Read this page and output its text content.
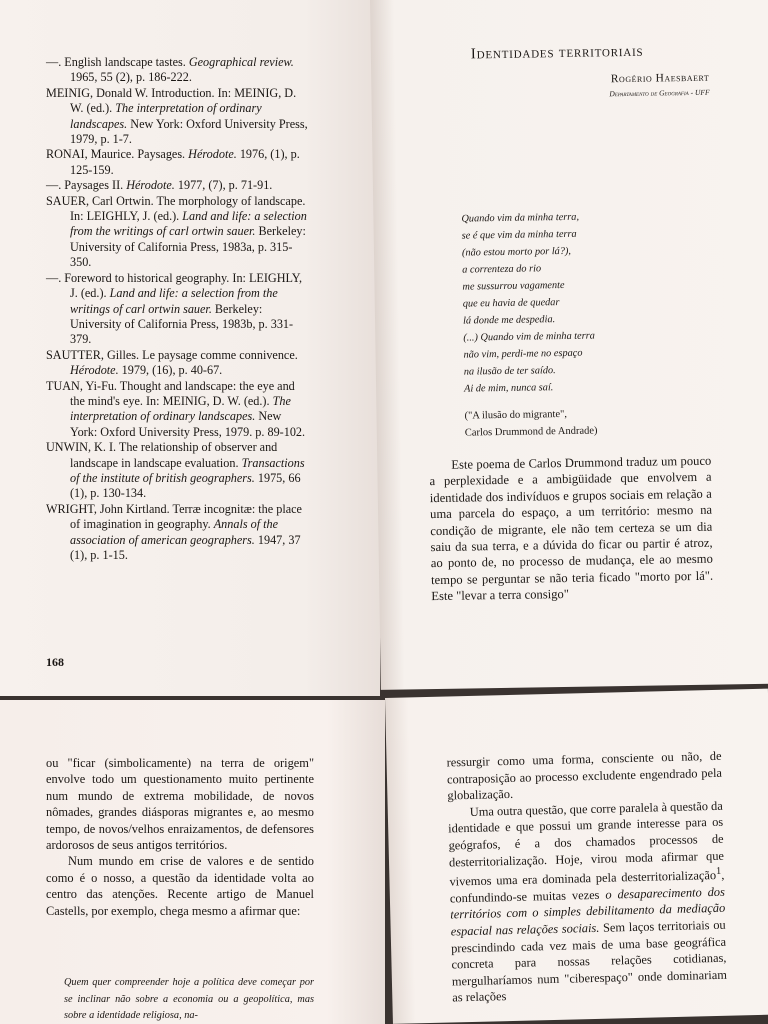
—. English landscape tastes. Geographical review. 1965, 55 (2), p. 186-222.

MEINIG, Donald W. Introduction. In: MEINIG, D. W. (ed.). The interpretation of ordinary landscapes. New York: Oxford University Press, 1979, p. 1-7.

RONAI, Maurice. Paysages. Hérodote. 1976, (1), p. 125-159.

—. Paysages II. Hérodote. 1977, (7), p. 71-91.

SAUER, Carl Ortwin. The morphology of landscape. In: LEIGHLY, J. (ed.). Land and life: a selection from the writings of carl ortwin sauer. Berkeley: University of California Press, 1983a, p. 315-350.

—. Foreword to historical geography. In: LEIGHLY, J. (ed.). Land and life: a selection from the writings of carl ortwin sauer. Berkeley: University of California Press, 1983b, p. 331-379.

SAUTTER, Gilles. Le paysage comme connivence. Hérodote. 1979, (16), p. 40-67.

TUAN, Yi-Fu. Thought and landscape: the eye and the mind's eye. In: MEINIG, D. W. (ed.). The interpretation of ordinary landscapes. New York: Oxford University Press, 1979. p. 89-102.

UNWIN, K. I. The relationship of observer and landscape in landscape evaluation. Transactions of the institute of british geographers. 1975, 66 (1), p. 130-134.

WRIGHT, John Kirtland. Terræ incognitæ: the place of imagination in geography. Annals of the association of american geographers. 1947, 37 (1), p. 1-15.

168
Identidades territoriais
Rogério Haesbaert
Departamento de Geografia - UFF

Quando vim da minha terra,

se é que vim da minha terra

(não estou morto por lá?),

a correnteza do rio

me sussurrou vagamente

que eu havia de quedar

lá donde me despedia.

(...) Quando vim de minha terra

não vim, perdi-me no espaço

na ilusão de ter saído.

Ai de mim, nunca saí.

("A ilusão do migrante",
Carlos Drummond de Andrade)

Este poema de Carlos Drummond traduz um pouco a perplexidade e a ambigüidade que envolvem a identidade dos indivíduos e grupos sociais em relação a uma parcela do espaço, a um território: mesmo na condição de migrante, ele não tem certeza se um dia saiu da sua terra, e a dúvida do ficar ou partir é atroz, ao ponto de, no processo de mudança, ele ao mesmo tempo se perguntar se não teria ficado "morto por lá". Este "levar a terra consigo"

ou "ficar (simbolicamente) na terra de origem" envolve todo um questionamento muito pertinente num mundo de extrema mobilidade, de novos nômades, grandes diásporas migrantes e, ao mesmo tempo, de novos/velhos enraizamentos, de defensores ardorosos de seus antigos territórios.

Num mundo em crise de valores e de sentido como é o nosso, a questão da identidade volta ao centro das atenções. Recente artigo de Manuel Castells, por exemplo, chega mesmo a afirmar que:

Quem quer compreender hoje a política deve começar por se inclinar não sobre a economia ou a geopolítica, mas sobre a identidade religiosa, na-

ressurgir como uma forma, consciente ou não, de contraposição ao processo excludente engendrado pela globalização.

Uma outra questão, que corre paralela à questão da identidade e que possui um grande interesse para os geógrafos, é a dos chamados processos de desterritorialização. Hoje, virou moda afirmar que vivemos uma era dominada pela desterritorialização$^1$, confundindo-se muitas vezes o desaparecimento dos territórios com o simples debilitamento da mediação espacial nas relações sociais. Sem laços territoriais ou prescindindo cada vez mais de uma base geográfica concreta para nossas relações cotidianas, mergulharíamos num "ciberespaço" onde dominariam as relações
